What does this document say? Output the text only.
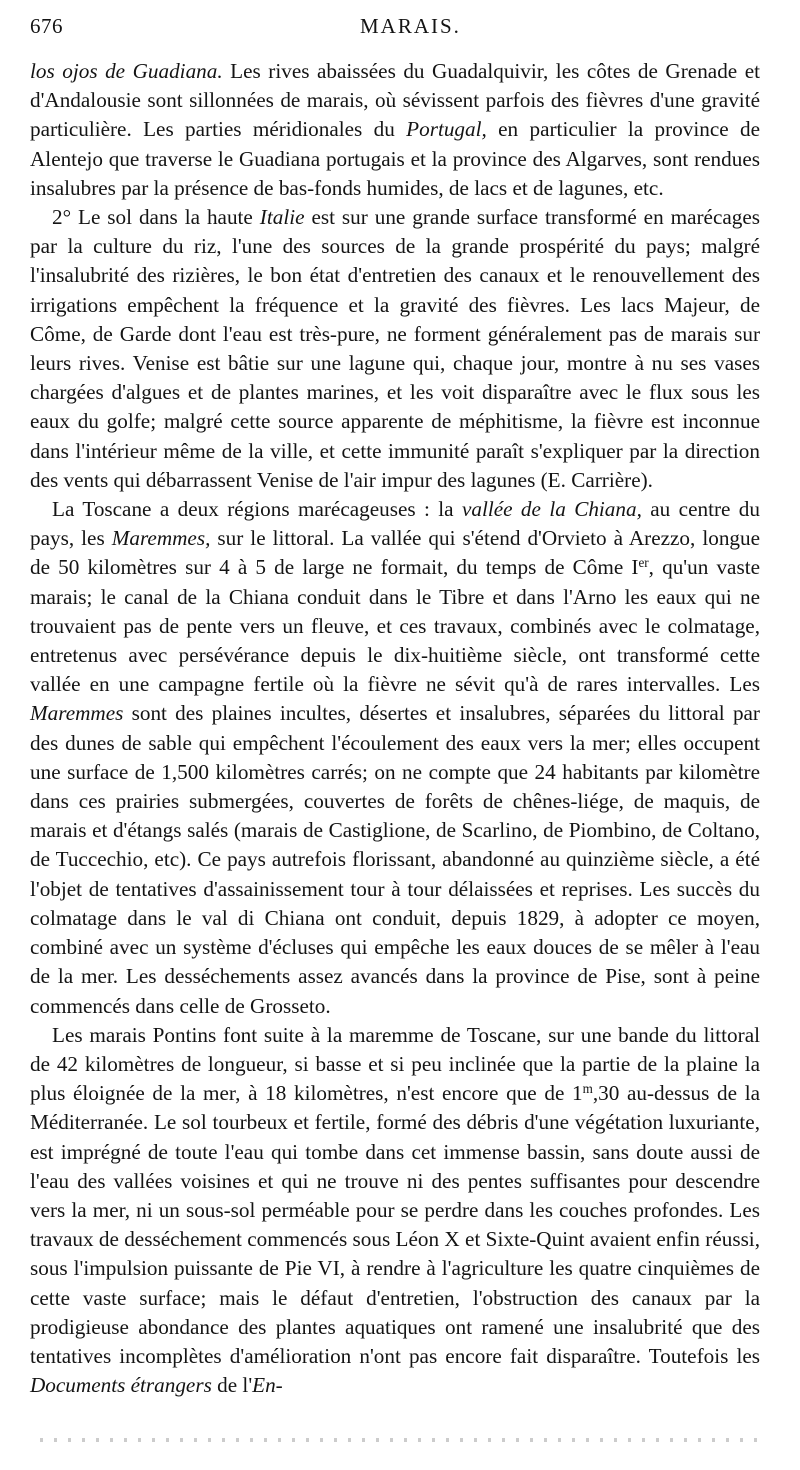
676	MARAIS.

los ojos de Guadiana. Les rives abaissées du Guadalquivir, les côtes de Grenade et d'Andalousie sont sillonnées de marais, où sévissent parfois des fièvres d'une gravité particulière. Les parties méridionales du Portugal, en particulier la province de Alentejo que traverse le Guadiana portugais et la province des Algarves, sont rendues insalubres par la présence de bas-fonds humides, de lacs et de lagunes, etc.

2° Le sol dans la haute Italie est sur une grande surface transformé en marécages par la culture du riz, l'une des sources de la grande prospérité du pays; malgré l'insalubrité des rizières, le bon état d'entretien des canaux et le renouvellement des irrigations empêchent la fréquence et la gravité des fièvres. Les lacs Majeur, de Côme, de Garde dont l'eau est très-pure, ne forment généralement pas de marais sur leurs rives. Venise est bâtie sur une lagune qui, chaque jour, montre à nu ses vases chargées d'algues et de plantes marines, et les voit disparaître avec le flux sous les eaux du golfe; malgré cette source apparente de méphitisme, la fièvre est inconnue dans l'intérieur même de la ville, et cette immunité paraît s'expliquer par la direction des vents qui débarrassent Venise de l'air impur des lagunes (E. Carrière).

La Toscane a deux régions marécageuses : la vallée de la Chiana, au centre du pays, les Maremmes, sur le littoral. La vallée qui s'étend d'Orvieto à Arezzo, longue de 50 kilomètres sur 4 à 5 de large ne formait, du temps de Côme Ier, qu'un vaste marais; le canal de la Chiana conduit dans le Tibre et dans l'Arno les eaux qui ne trouvaient pas de pente vers un fleuve, et ces travaux, combinés avec le colmatage, entretenus avec persévérance depuis le dix-huitième siècle, ont transformé cette vallée en une campagne fertile où la fièvre ne sévit qu'à de rares intervalles. Les Maremmes sont des plaines incultes, désertes et insalubres, séparées du littoral par des dunes de sable qui empêchent l'écoulement des eaux vers la mer; elles occupent une surface de 1,500 kilomètres carrés; on ne compte que 24 habitants par kilomètre dans ces prairies submergées, couvertes de forêts de chênes-liége, de maquis, de marais et d'étangs salés (marais de Castiglione, de Scarlino, de Piombino, de Coltano, de Tuccechio, etc). Ce pays autrefois florissant, abandonné au quinzième siècle, a été l'objet de tentatives d'assainissement tour à tour délaissées et reprises. Les succès du colmatage dans le val di Chiana ont conduit, depuis 1829, à adopter ce moyen, combiné avec un système d'écluses qui empêche les eaux douces de se mêler à l'eau de la mer. Les desséchements assez avancés dans la province de Pise, sont à peine commencés dans celle de Grosseto.

Les marais Pontins font suite à la maremme de Toscane, sur une bande du littoral de 42 kilomètres de longueur, si basse et si peu inclinée que la partie de la plaine la plus éloignée de la mer, à 18 kilomètres, n'est encore que de 1$^m$,30 au-dessus de la Méditerranée. Le sol tourbeux et fertile, formé des débris d'une végétation luxuriante, est imprégné de toute l'eau qui tombe dans cet immense bassin, sans doute aussi de l'eau des vallées voisines et qui ne trouve ni des pentes suffisantes pour descendre vers la mer, ni un sous-sol perméable pour se perdre dans les couches profondes. Les travaux de desséchement commencés sous Léon X et Sixte-Quint avaient enfin réussi, sous l'impulsion puissante de Pie VI, à rendre à l'agriculture les quatre cinquièmes de cette vaste surface; mais le défaut d'entretien, l'obstruction des canaux par la prodigieuse abondance des plantes aquatiques ont ramené une insalubrité que des tentatives incomplètes d'amélioration n'ont pas encore fait disparaître. Toutefois les Documents étrangers de l'En-
